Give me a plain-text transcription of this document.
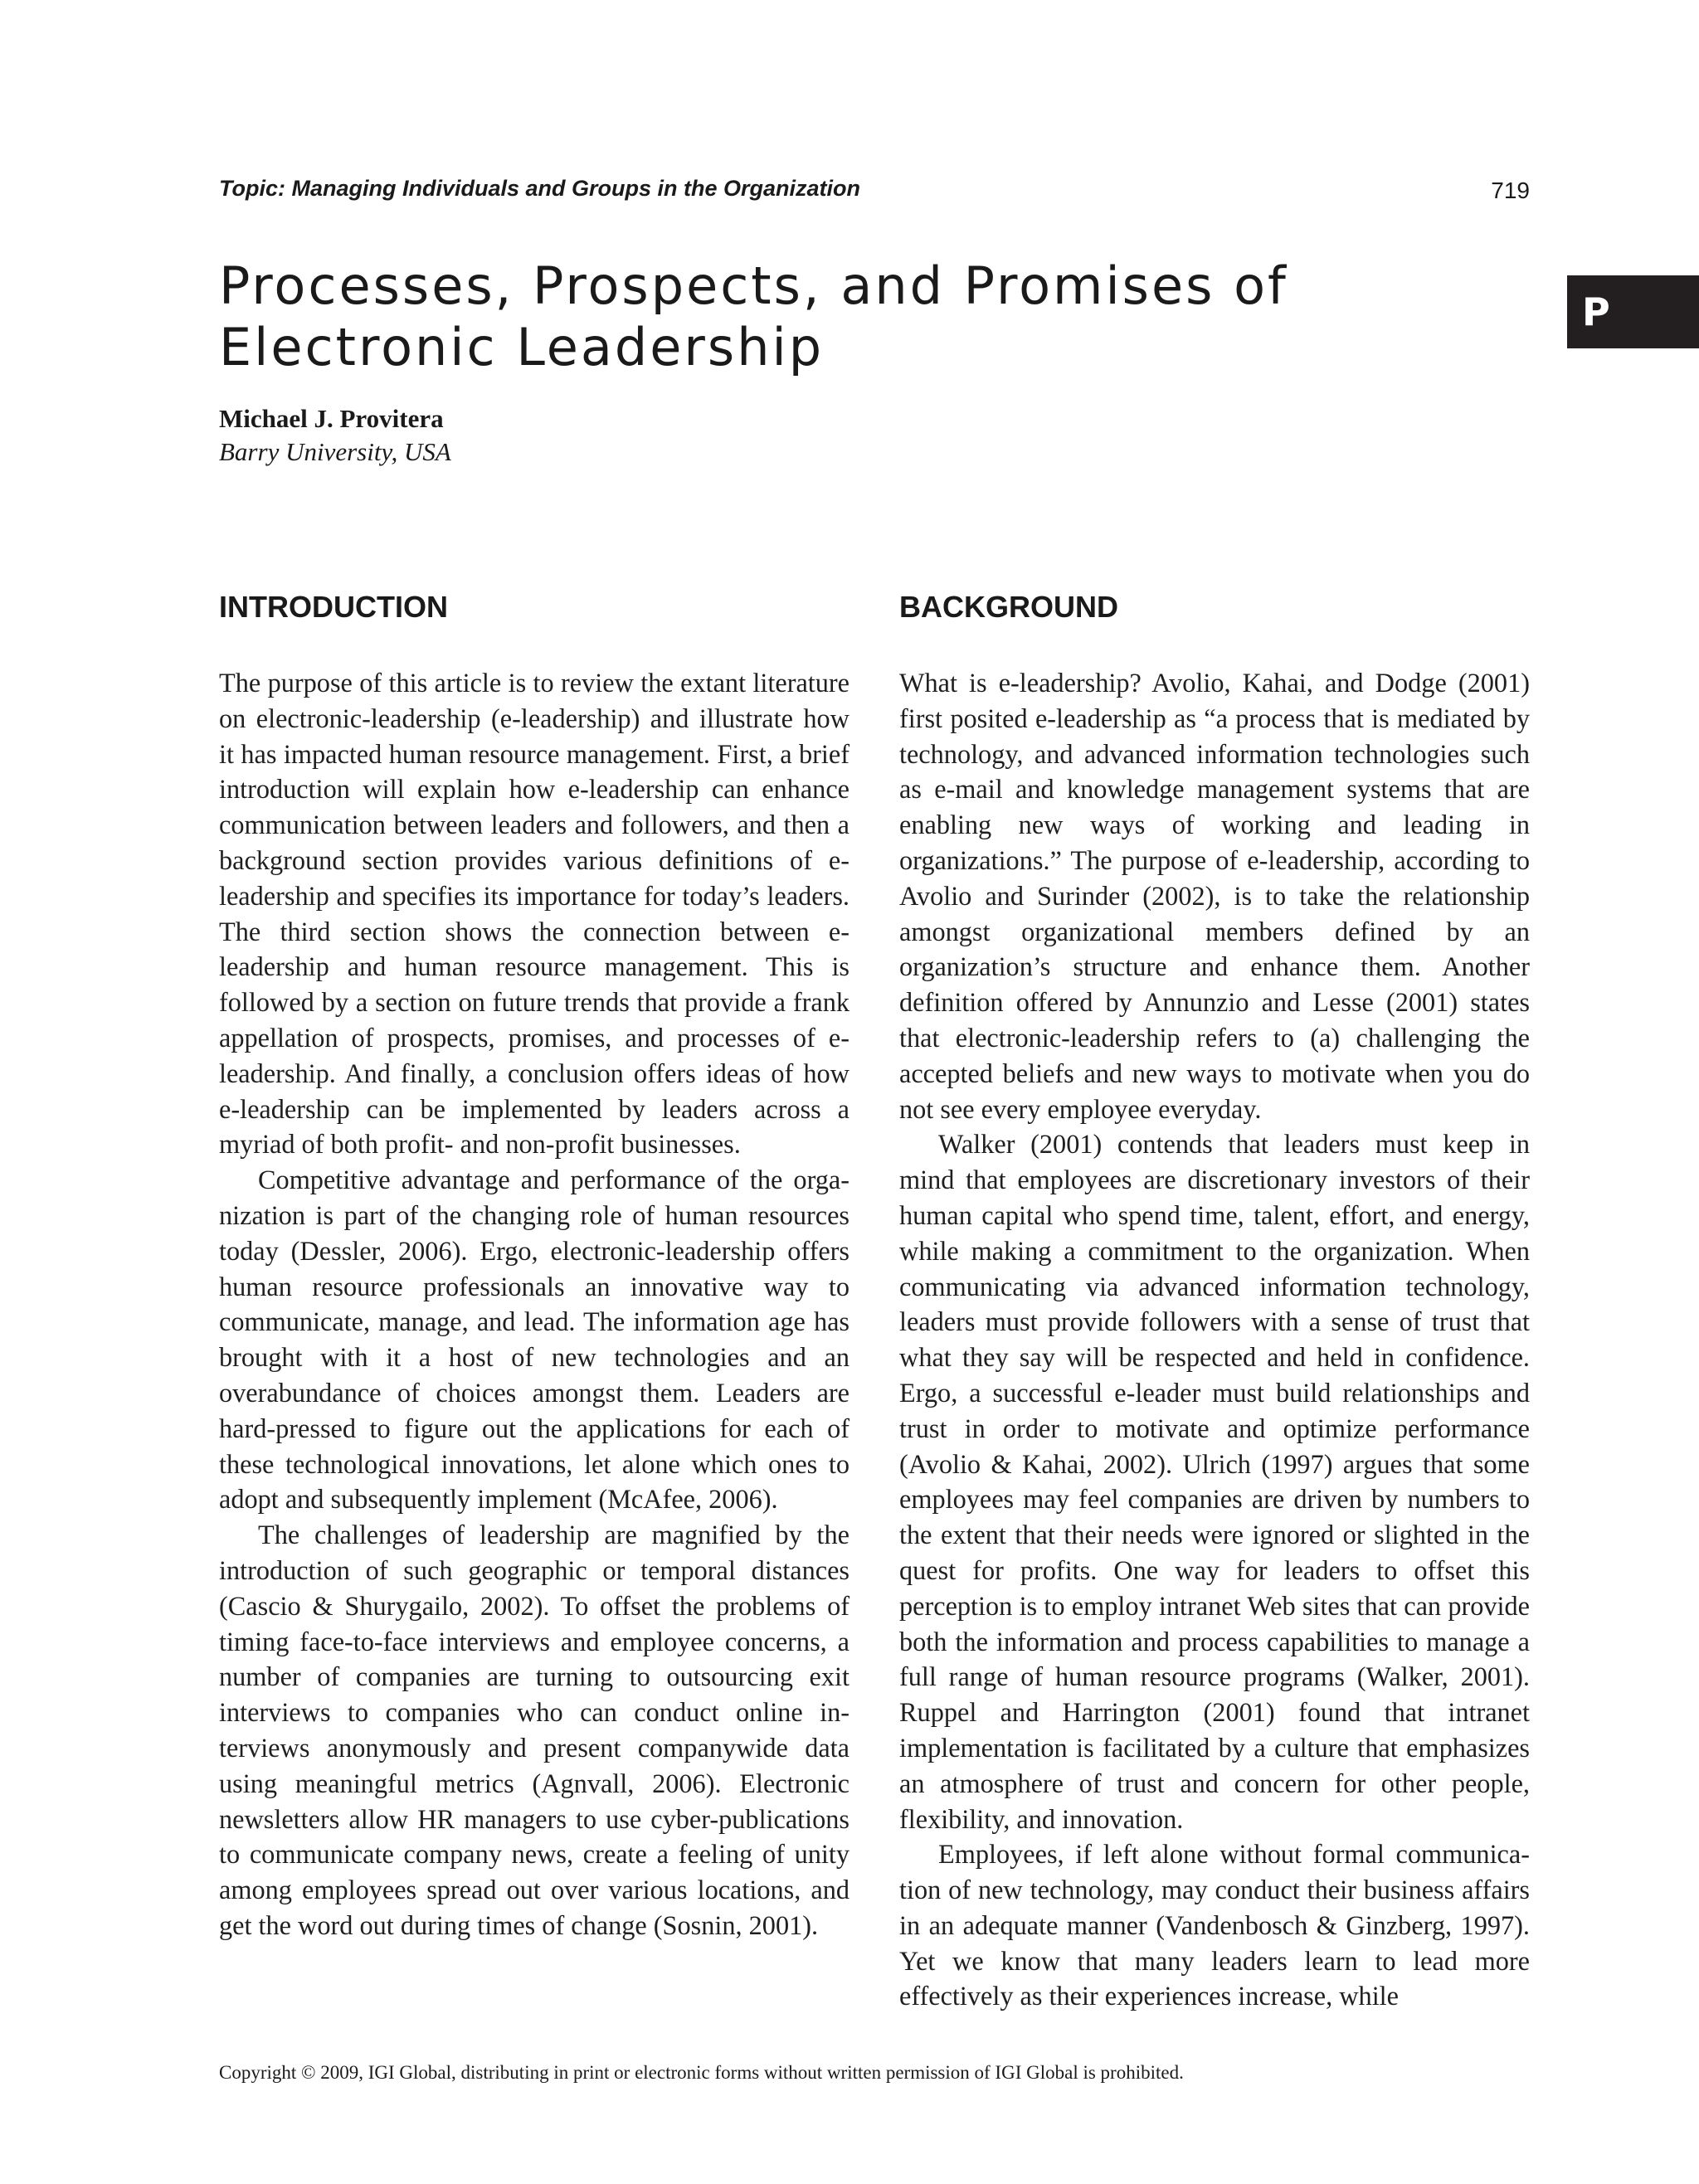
Topic: Managing Individuals and Groups in the Organization	719
P
Processes, Prospects, and Promises of
Electronic Leadership
Michael J. Provitera
Barry University, USA
INTRODUCTION

The purpose of this article is to review the extant literature on electronic-leadership (e-leadership) and illustrate how it has impacted human resource management. First, a brief introduction will explain how e-leadership can enhance communication between leaders and followers, and then a background section provides various definitions of e-leadership and specifies its importance for today’s leaders. The third section shows the connection between e-leadership and human resource management. This is followed by a section on future trends that provide a frank appellation of prospects, promises, and processes of e-leadership. And finally, a conclusion offers ideas of how e-leadership can be implemented by leaders across a myriad of both profit- and non-profit businesses.

Competitive advantage and performance of the organization is part of the changing role of human resources today (Dessler, 2006). Ergo, electronic-leadership offers human resource professionals an innovative way to communicate, manage, and lead. The information age has brought with it a host of new technologies and an overabundance of choices amongst them. Leaders are hard-pressed to figure out the applications for each of these technological innovations, let alone which ones to adopt and subsequently implement (McAfee, 2006).

The challenges of leadership are magnified by the introduction of such geographic or temporal distances (Cascio & Shurygailo, 2002). To offset the problems of timing face-to-face interviews and employee concerns, a number of companies are turning to outsourcing exit interviews to companies who can conduct online interviews anonymously and present companywide data using meaningful metrics (Agnvall, 2006). Electronic newsletters allow HR managers to use cyber-publications to communicate company news, create a feeling of unity among employees spread out over various locations, and get the word out during times of change (Sosnin, 2001).

BACKGROUND

What is e-leadership? Avolio, Kahai, and Dodge (2001) first posited e-leadership as “a process that is mediated by technology, and advanced information technologies such as e-mail and knowledge management systems that are enabling new ways of working and leading in organizations.” The purpose of e-leadership, according to Avolio and Surinder (2002), is to take the relationship amongst organizational members defined by an organization’s structure and enhance them. Another definition offered by Annunzio and Lesse (2001) states that electronic-leadership refers to (a) challenging the accepted beliefs and new ways to motivate when you do not see every employee everyday.

Walker (2001) contends that leaders must keep in mind that employees are discretionary investors of their human capital who spend time, talent, effort, and energy, while making a commitment to the organization. When communicating via advanced information technology, leaders must provide followers with a sense of trust that what they say will be respected and held in confidence. Ergo, a successful e-leader must build relationships and trust in order to motivate and optimize performance (Avolio & Kahai, 2002). Ulrich (1997) argues that some employees may feel companies are driven by numbers to the extent that their needs were ignored or slighted in the quest for profits. One way for leaders to offset this perception is to employ intranet Web sites that can provide both the information and process capabilities to manage a full range of human resource programs (Walker, 2001). Ruppel and Harrington (2001) found that intranet implementation is facilitated by a culture that emphasizes an atmosphere of trust and concern for other people, flexibility, and innovation.

Employees, if left alone without formal communication of new technology, may conduct their business affairs in an adequate manner (Vandenbosch & Ginzberg, 1997). Yet we know that many leaders learn to lead more effectively as their experiences increase, while

Copyright © 2009, IGI Global, distributing in print or electronic forms without written permission of IGI Global is prohibited.
